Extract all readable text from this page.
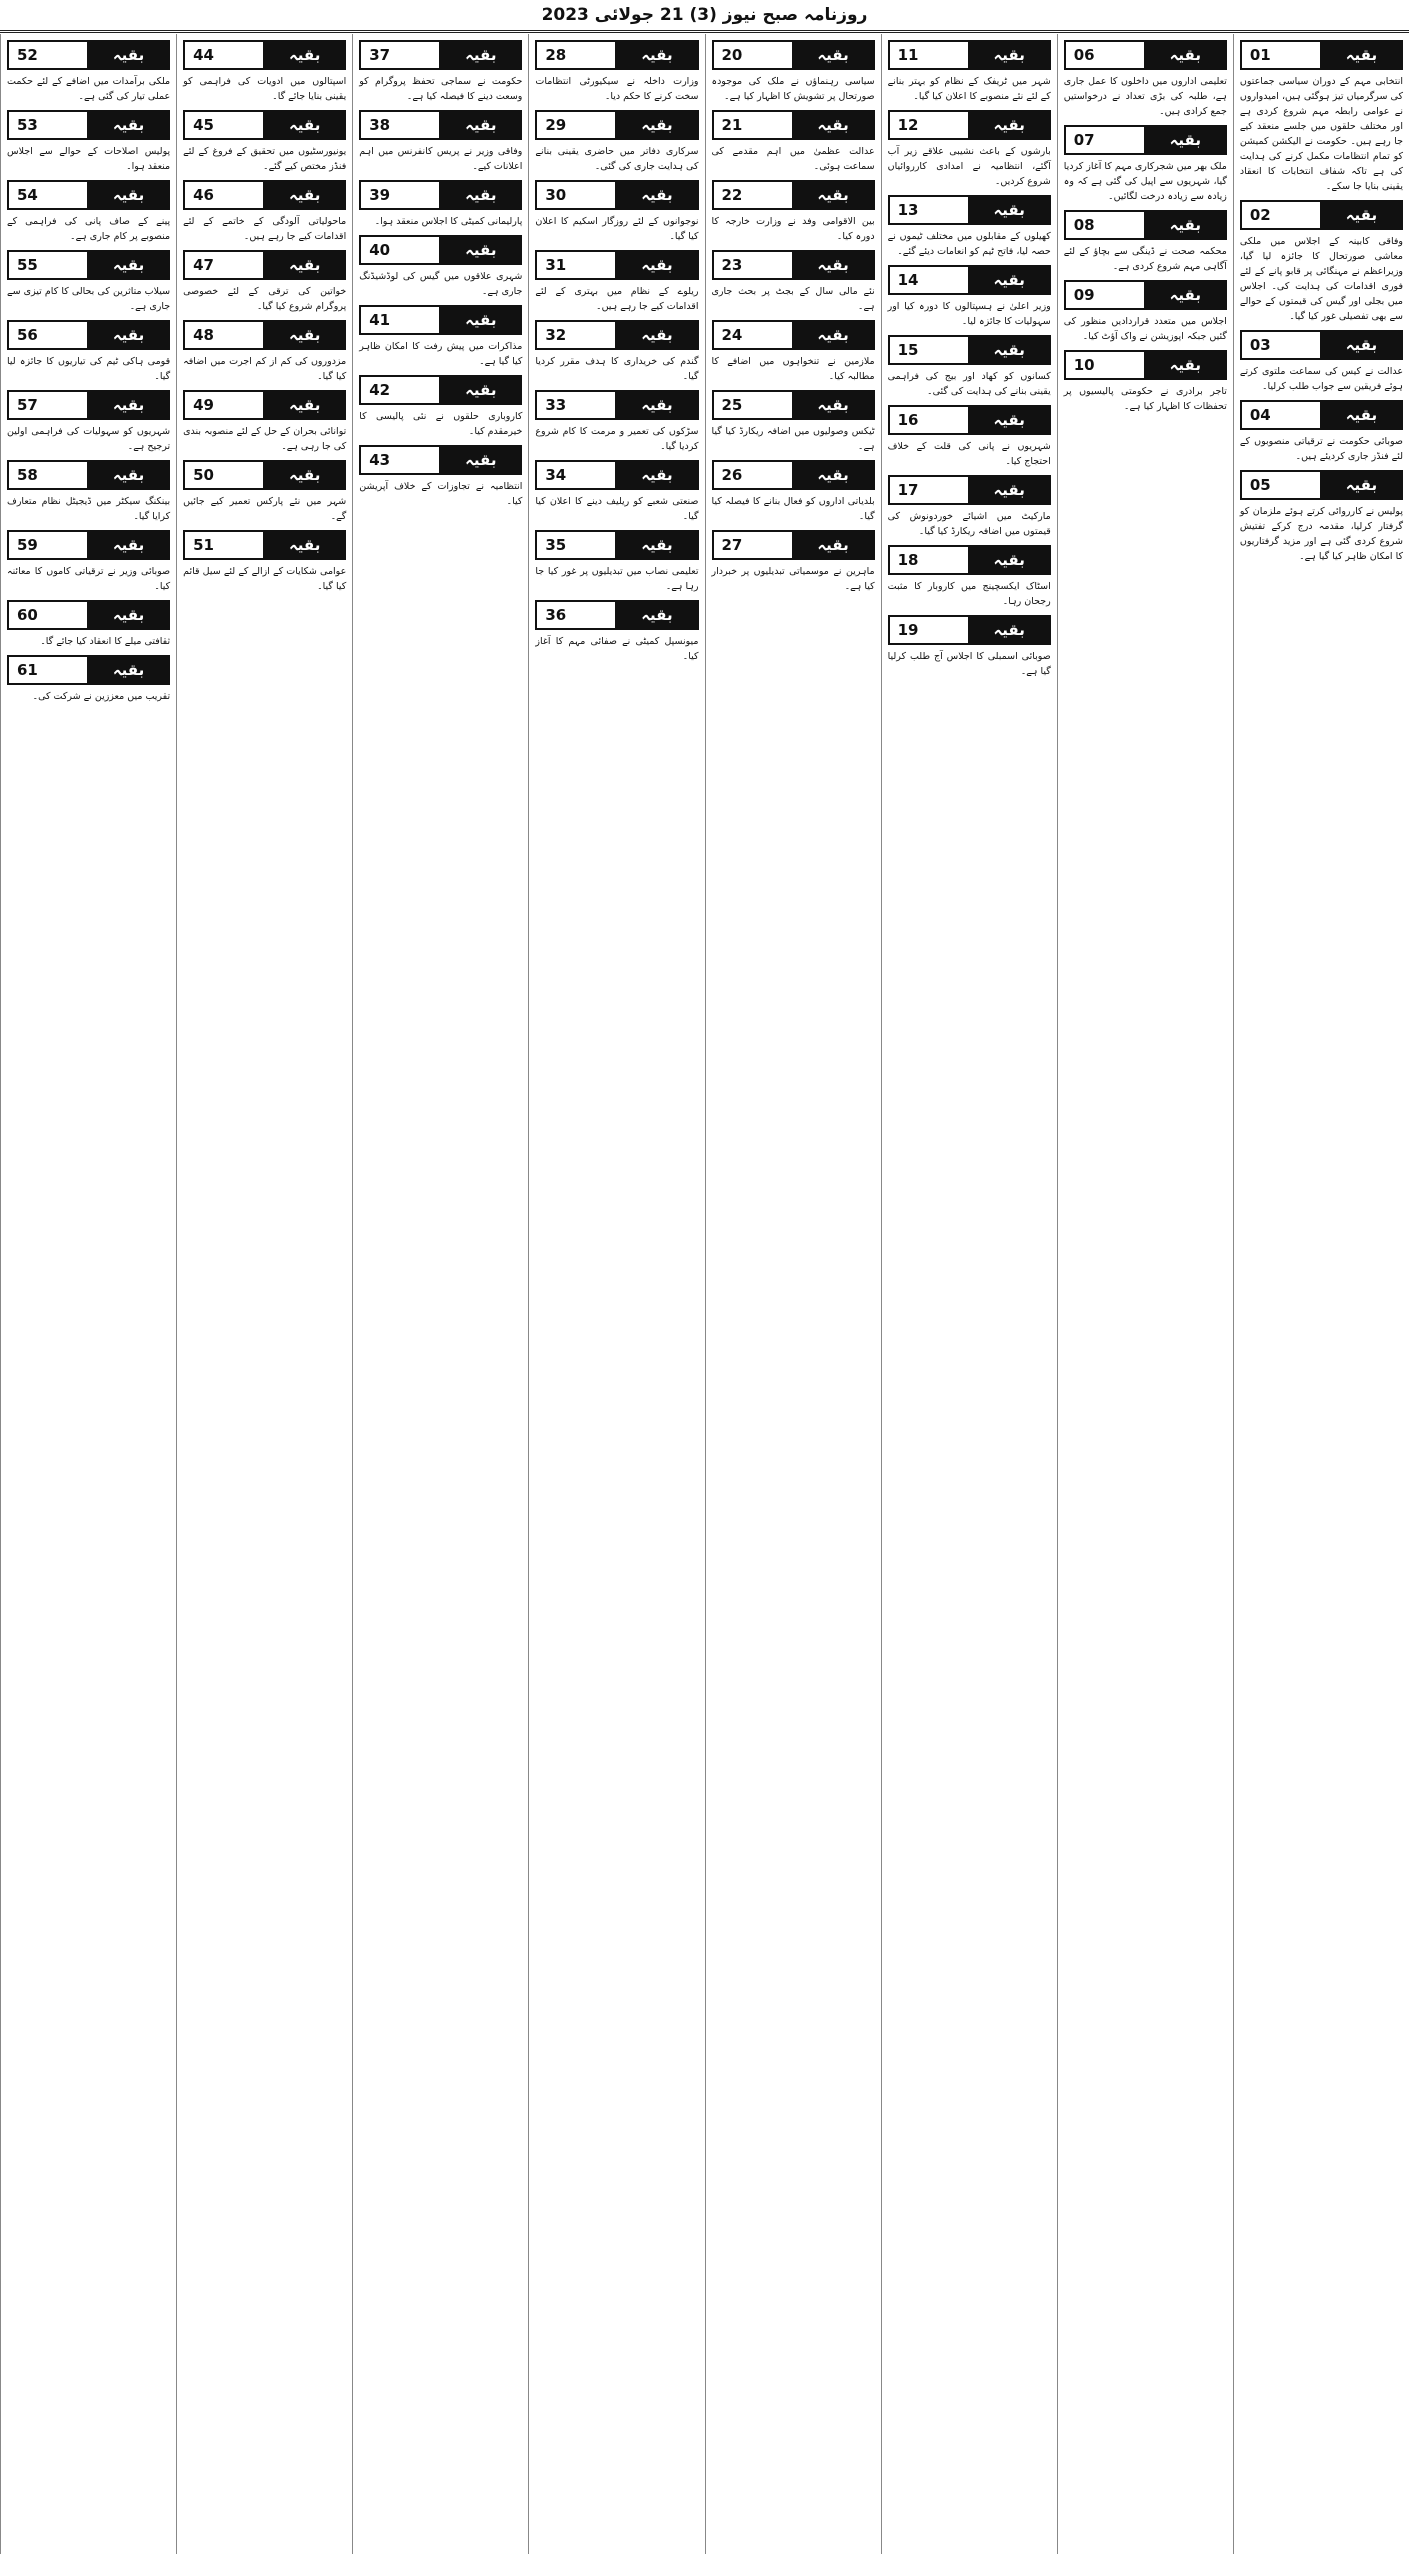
روزنامہ صبح نیوز (3) 21 جولائی 2023
01	بقیہ
انتخابی مہم کے دوران سیاسی جماعتوں کی سرگرمیاں تیز ہوگئی ہیں، امیدواروں نے عوامی رابطہ مہم شروع کردی ہے اور مختلف حلقوں میں جلسے منعقد کیے جا رہے ہیں۔ حکومت نے الیکشن کمیشن کو تمام انتظامات مکمل کرنے کی ہدایت کی ہے تاکہ شفاف انتخابات کا انعقاد یقینی بنایا جا سکے۔
02	بقیہ
وفاقی کابینہ کے اجلاس میں ملکی معاشی صورتحال کا جائزہ لیا گیا، وزیراعظم نے مہنگائی پر قابو پانے کے لئے فوری اقدامات کی ہدایت کی۔ اجلاس میں بجلی اور گیس کی قیمتوں کے حوالے سے بھی تفصیلی غور کیا گیا۔
03	بقیہ
عدالت نے کیس کی سماعت ملتوی کرتے ہوئے فریقین سے جواب طلب کرلیا۔
04	بقیہ
صوبائی حکومت نے ترقیاتی منصوبوں کے لئے فنڈز جاری کردیئے ہیں۔
05	بقیہ
پولیس نے کارروائی کرتے ہوئے ملزمان کو گرفتار کرلیا، مقدمہ درج کرکے تفتیش شروع کردی گئی ہے اور مزید گرفتاریوں کا امکان ظاہر کیا گیا ہے۔
06	بقیہ
تعلیمی اداروں میں داخلوں کا عمل جاری ہے، طلبہ کی بڑی تعداد نے درخواستیں جمع کرادی ہیں۔
07	بقیہ
ملک بھر میں شجرکاری مہم کا آغاز کردیا گیا، شہریوں سے اپیل کی گئی ہے کہ وہ زیادہ سے زیادہ درخت لگائیں۔
08	بقیہ
محکمہ صحت نے ڈینگی سے بچاؤ کے لئے آگاہی مہم شروع کردی ہے۔
09	بقیہ
اجلاس میں متعدد قراردادیں منظور کی گئیں جبکہ اپوزیشن نے واک آؤٹ کیا۔
10	بقیہ
تاجر برادری نے حکومتی پالیسیوں پر تحفظات کا اظہار کیا ہے۔
11	بقیہ
شہر میں ٹریفک کے نظام کو بہتر بنانے کے لئے نئے منصوبے کا اعلان کیا گیا۔
12	بقیہ
بارشوں کے باعث نشیبی علاقے زیر آب آگئے، انتظامیہ نے امدادی کارروائیاں شروع کردیں۔
13	بقیہ
کھیلوں کے مقابلوں میں مختلف ٹیموں نے حصہ لیا، فاتح ٹیم کو انعامات دیئے گئے۔
14	بقیہ
وزیر اعلیٰ نے ہسپتالوں کا دورہ کیا اور سہولیات کا جائزہ لیا۔
15	بقیہ
کسانوں کو کھاد اور بیج کی فراہمی یقینی بنانے کی ہدایت کی گئی۔
16	بقیہ
شہریوں نے پانی کی قلت کے خلاف احتجاج کیا۔
17	بقیہ
مارکیٹ میں اشیائے خوردونوش کی قیمتوں میں اضافہ ریکارڈ کیا گیا۔
18	بقیہ
اسٹاک ایکسچینج میں کاروبار کا مثبت رجحان رہا۔
19	بقیہ
صوبائی اسمبلی کا اجلاس آج طلب کرلیا گیا ہے۔
20	بقیہ
سیاسی رہنماؤں نے ملک کی موجودہ صورتحال پر تشویش کا اظہار کیا ہے۔
21	بقیہ
عدالت عظمیٰ میں اہم مقدمے کی سماعت ہوئی۔
22	بقیہ
بین الاقوامی وفد نے وزارت خارجہ کا دورہ کیا۔
23	بقیہ
نئے مالی سال کے بجٹ پر بحث جاری ہے۔
24	بقیہ
ملازمین نے تنخواہوں میں اضافے کا مطالبہ کیا۔
25	بقیہ
ٹیکس وصولیوں میں اضافہ ریکارڈ کیا گیا ہے۔
26	بقیہ
بلدیاتی اداروں کو فعال بنانے کا فیصلہ کیا گیا۔
27	بقیہ
ماہرین نے موسمیاتی تبدیلیوں پر خبردار کیا ہے۔
28	بقیہ
وزارت داخلہ نے سیکیورٹی انتظامات سخت کرنے کا حکم دیا۔
29	بقیہ
سرکاری دفاتر میں حاضری یقینی بنانے کی ہدایت جاری کی گئی۔
30	بقیہ
نوجوانوں کے لئے روزگار اسکیم کا اعلان کیا گیا۔
31	بقیہ
ریلوے کے نظام میں بہتری کے لئے اقدامات کیے جا رہے ہیں۔
32	بقیہ
گندم کی خریداری کا ہدف مقرر کردیا گیا۔
33	بقیہ
سڑکوں کی تعمیر و مرمت کا کام شروع کردیا گیا۔
34	بقیہ
صنعتی شعبے کو ریلیف دینے کا اعلان کیا گیا۔
35	بقیہ
تعلیمی نصاب میں تبدیلیوں پر غور کیا جا رہا ہے۔
36	بقیہ
میونسپل کمیٹی نے صفائی مہم کا آغاز کیا۔
37	بقیہ
حکومت نے سماجی تحفظ پروگرام کو وسعت دینے کا فیصلہ کیا ہے۔
38	بقیہ
وفاقی وزیر نے پریس کانفرنس میں اہم اعلانات کیے۔
39	بقیہ
پارلیمانی کمیٹی کا اجلاس منعقد ہوا۔
40	بقیہ
شہری علاقوں میں گیس کی لوڈشیڈنگ جاری ہے۔
41	بقیہ
مذاکرات میں پیش رفت کا امکان ظاہر کیا گیا ہے۔
42	بقیہ
کاروباری حلقوں نے نئی پالیسی کا خیرمقدم کیا۔
43	بقیہ
انتظامیہ نے تجاوزات کے خلاف آپریشن کیا۔
44	بقیہ
اسپتالوں میں ادویات کی فراہمی کو یقینی بنایا جائے گا۔
45	بقیہ
یونیورسٹیوں میں تحقیق کے فروغ کے لئے فنڈز مختص کیے گئے۔
46	بقیہ
ماحولیاتی آلودگی کے خاتمے کے لئے اقدامات کیے جا رہے ہیں۔
47	بقیہ
خواتین کی ترقی کے لئے خصوصی پروگرام شروع کیا گیا۔
48	بقیہ
مزدوروں کی کم از کم اجرت میں اضافہ کیا گیا۔
49	بقیہ
توانائی بحران کے حل کے لئے منصوبہ بندی کی جا رہی ہے۔
50	بقیہ
شہر میں نئے پارکس تعمیر کیے جائیں گے۔
51	بقیہ
عوامی شکایات کے ازالے کے لئے سیل قائم کیا گیا۔
52	بقیہ
ملکی برآمدات میں اضافے کے لئے حکمت عملی تیار کی گئی ہے۔
53	بقیہ
پولیس اصلاحات کے حوالے سے اجلاس منعقد ہوا۔
54	بقیہ
پینے کے صاف پانی کی فراہمی کے منصوبے پر کام جاری ہے۔
55	بقیہ
سیلاب متاثرین کی بحالی کا کام تیزی سے جاری ہے۔
56	بقیہ
قومی ہاکی ٹیم کی تیاریوں کا جائزہ لیا گیا۔
57	بقیہ
شہریوں کو سہولیات کی فراہمی اولین ترجیح ہے۔
58	بقیہ
بینکنگ سیکٹر میں ڈیجیٹل نظام متعارف کرایا گیا۔
59	بقیہ
صوبائی وزیر نے ترقیاتی کاموں کا معائنہ کیا۔
60	بقیہ
ثقافتی میلے کا انعقاد کیا جائے گا۔
61	بقیہ
تقریب میں معززین نے شرکت کی۔
